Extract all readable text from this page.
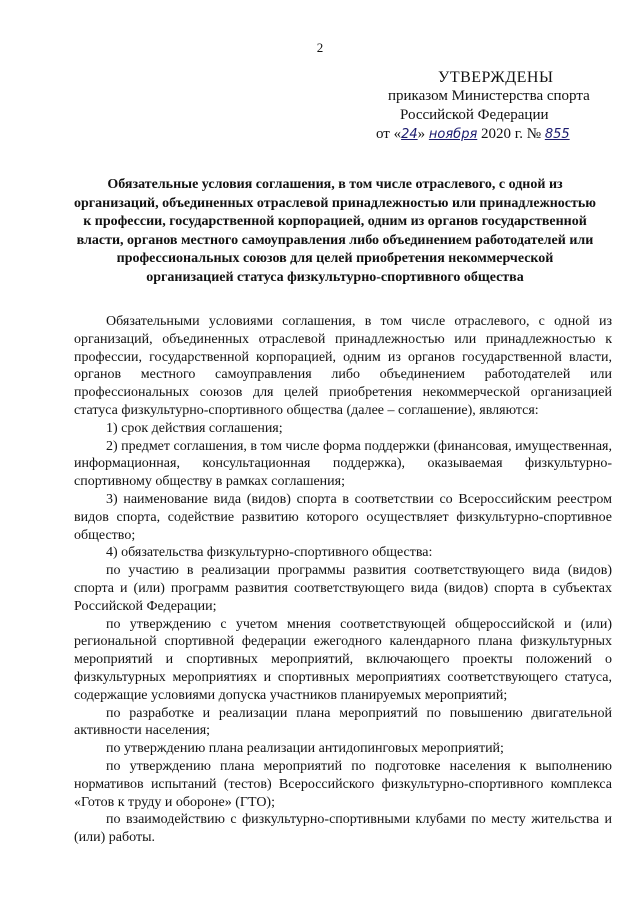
2
УТВЕРЖДЕНЫ
приказом Министерства спорта
Российской Федерации
от «24» ноября 2020 г. № 855
Обязательные условия соглашения, в том числе отраслевого, с одной из организаций, объединенных отраслевой принадлежностью или принадлежностью к профессии, государственной корпорацией, одним из органов государственной власти, органов местного самоуправления либо объединением работодателей или профессиональных союзов для целей приобретения некоммерческой организацией статуса физкультурно-спортивного общества

Обязательными условиями соглашения, в том числе отраслевого, с одной из организаций, объединенных отраслевой принадлежностью или принадлежностью к профессии, государственной корпорацией, одним из органов государственной власти, органов местного самоуправления либо объединением работодателей или профессиональных союзов для целей приобретения некоммерческой организацией статуса физкультурно-спортивного общества (далее – соглашение), являются:

1) срок действия соглашения;

2) предмет соглашения, в том числе форма поддержки (финансовая, имущественная, информационная, консультационная поддержка), оказываемая физкультурно-спортивному обществу в рамках соглашения;

3) наименование вида (видов) спорта в соответствии со Всероссийским реестром видов спорта, содействие развитию которого осуществляет физкультурно-спортивное общество;

4) обязательства физкультурно-спортивного общества:

по участию в реализации программы развития соответствующего вида (видов) спорта и (или) программ развития соответствующего вида (видов) спорта в субъектах Российской Федерации;

по утверждению с учетом мнения соответствующей общероссийской и (или) региональной спортивной федерации ежегодного календарного плана физкультурных мероприятий и спортивных мероприятий, включающего проекты положений о физкультурных мероприятиях и спортивных мероприятиях соответствующего статуса, содержащие условиями допуска участников планируемых мероприятий;

по разработке и реализации плана мероприятий по повышению двигательной активности населения;

по утверждению плана реализации антидопинговых мероприятий;

по утверждению плана мероприятий по подготовке населения к выполнению нормативов испытаний (тестов) Всероссийского физкультурно-спортивного комплекса «Готов к труду и обороне» (ГТО);

по взаимодействию с физкультурно-спортивными клубами по месту жительства и (или) работы.
